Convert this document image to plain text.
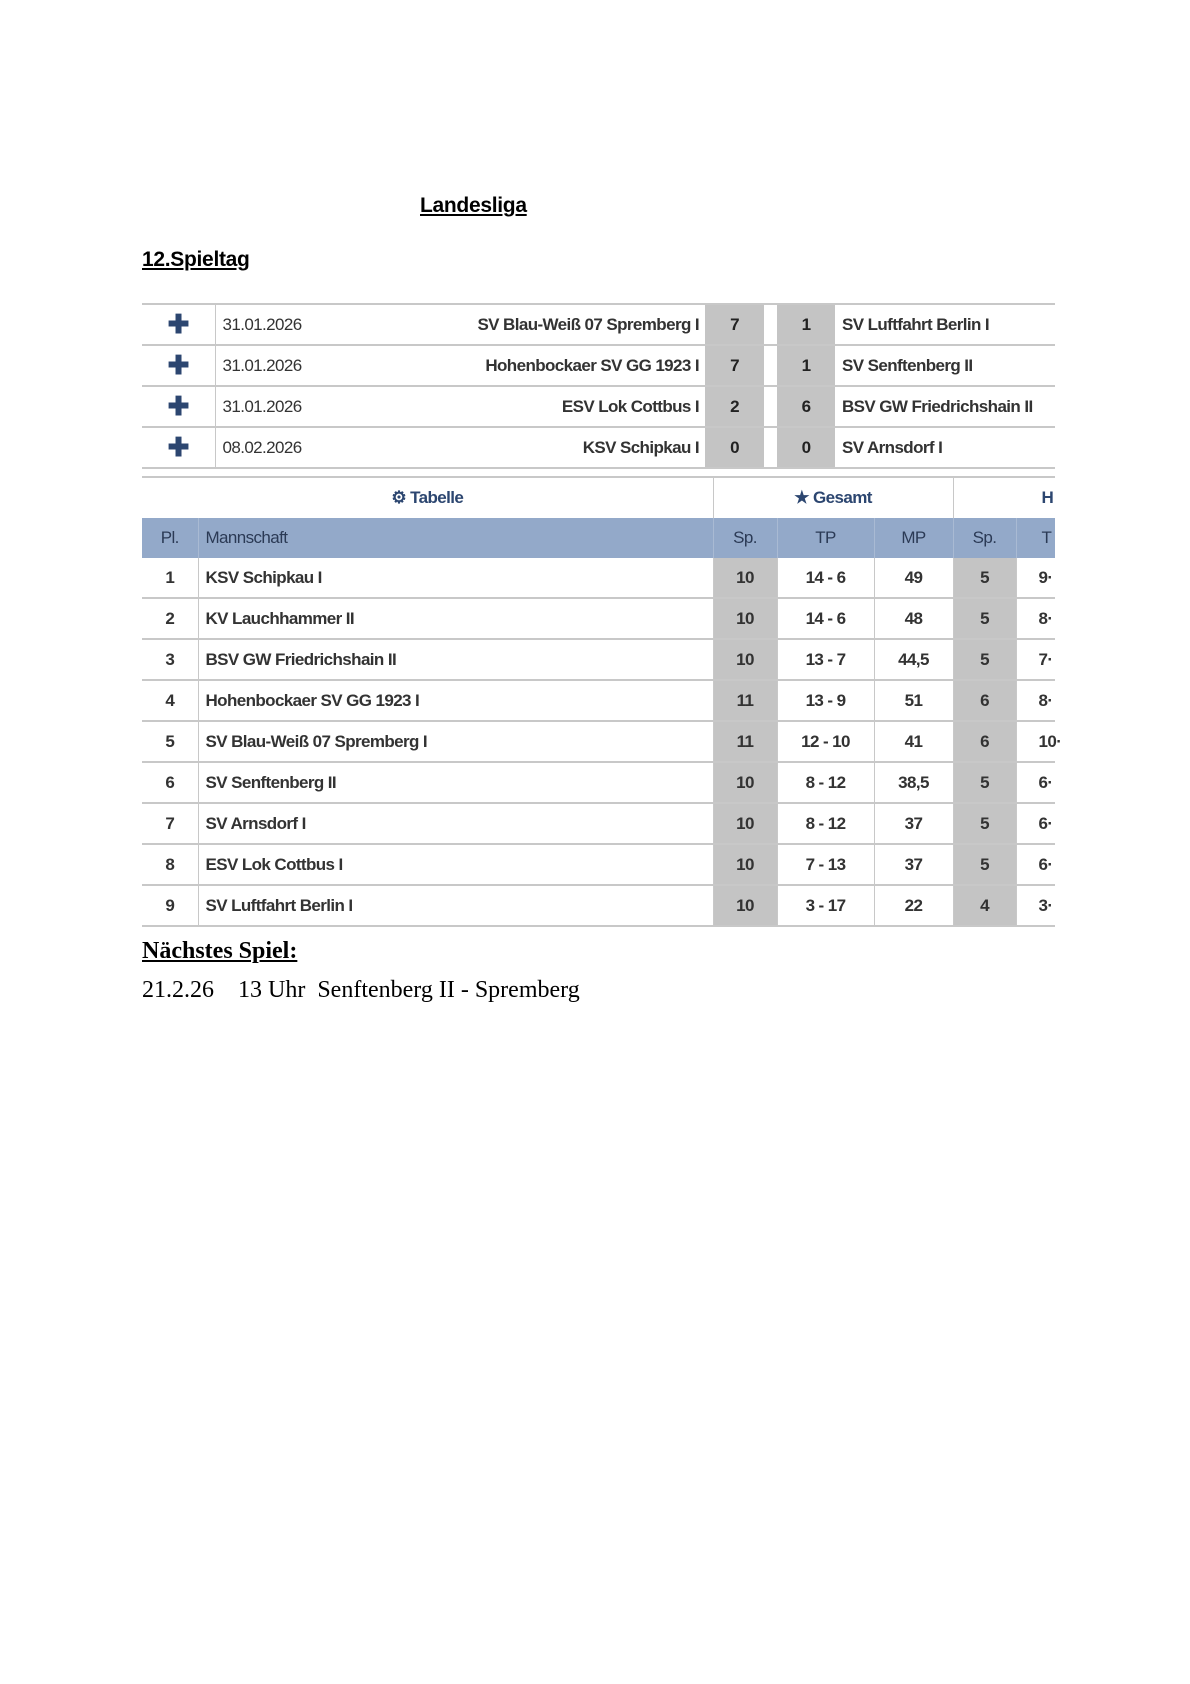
Landesliga
12.Spieltag
✚	31.01.2026	SV Blau-Weiß 07 Spremberg I	7		1	SV Luftfahrt Berlin I
✚	31.01.2026	Hohenbockaer SV GG 1923 I	7		1	SV Senftenberg II
✚	31.01.2026	ESV Lok Cottbus I	2		6	BSV GW Friedrichshain II
✚	08.02.2026	KSV Schipkau I	0		0	SV Arnsdorf I
⚙ Tabelle		★ Gesamt			H	
Pl.	Mannschaft	Sp.	TP	MP	Sp.	T
1	KSV Schipkau I	10	14 - 6	49	5	9·
2	KV Lauchhammer II	10	14 - 6	48	5	8·
3	BSV GW Friedrichshain II	10	13 - 7	44,5	5	7·
4	Hohenbockaer SV GG 1923 I	11	13 - 9	51	6	8·
5	SV Blau-Weiß 07 Spremberg I	11	12 - 10	41	6	10·
6	SV Senftenberg II	10	8 - 12	38,5	5	6·
7	SV Arnsdorf I	10	8 - 12	37	5	6·
8	ESV Lok Cottbus I	10	7 - 13	37	5	6·
9	SV Luftfahrt Berlin I	10	3 - 17	22	4	3·
Nächstes Spiel:
21.2.26 13 Uhr Senftenberg II - Spremberg
